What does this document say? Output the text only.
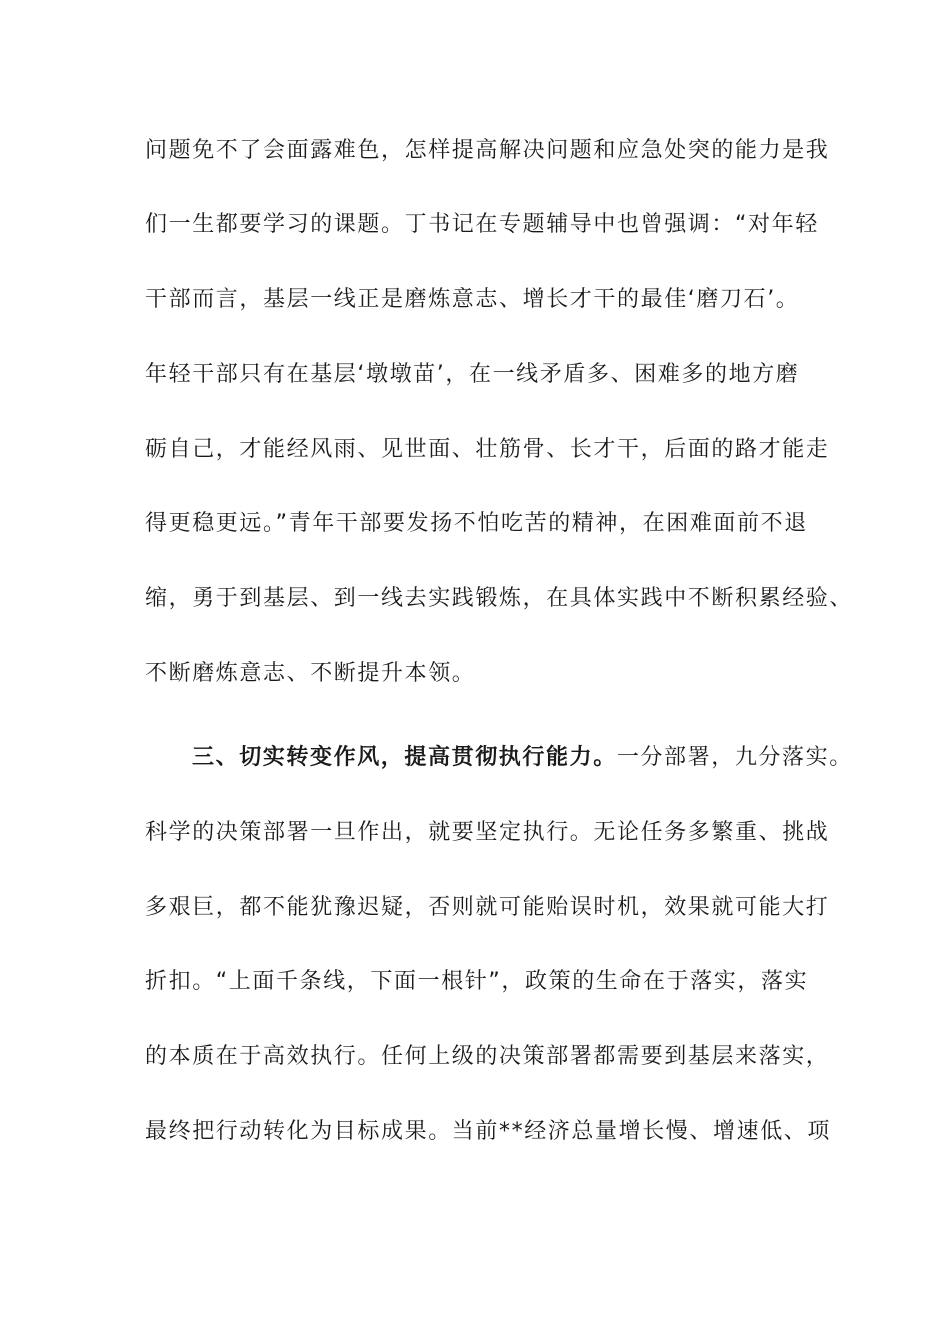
问题免不了会面露难色，怎样提高解决问题和应急处突的能力是我
们一生都要学习的课题。丁书记在专题辅导中也曾强调：“对年轻
干部而言，基层一线正是磨炼意志、增长才干的最佳‘磨刀石’。
年轻干部只有在基层‘墩墩苗’，在一线矛盾多、困难多的地方磨
砺自己，才能经风雨、见世面、壮筋骨、长才干，后面的路才能走
得更稳更远。”青年干部要发扬不怕吃苦的精神，在困难面前不退
缩，勇于到基层、到一线去实践锻炼，在具体实践中不断积累经验、
不断磨炼意志、不断提升本领。
三、切实转变作风，提高贯彻执行能力。一分部署，九分落实。
科学的决策部署一旦作出，就要坚定执行。无论任务多繁重、挑战
多艰巨，都不能犹豫迟疑，否则就可能贻误时机，效果就可能大打
折扣。“上面千条线，下面一根针”，政策的生命在于落实，落实
的本质在于高效执行。任何上级的决策部署都需要到基层来落实，
最终把行动转化为目标成果。当前**经济总量增长慢、增速低、项
